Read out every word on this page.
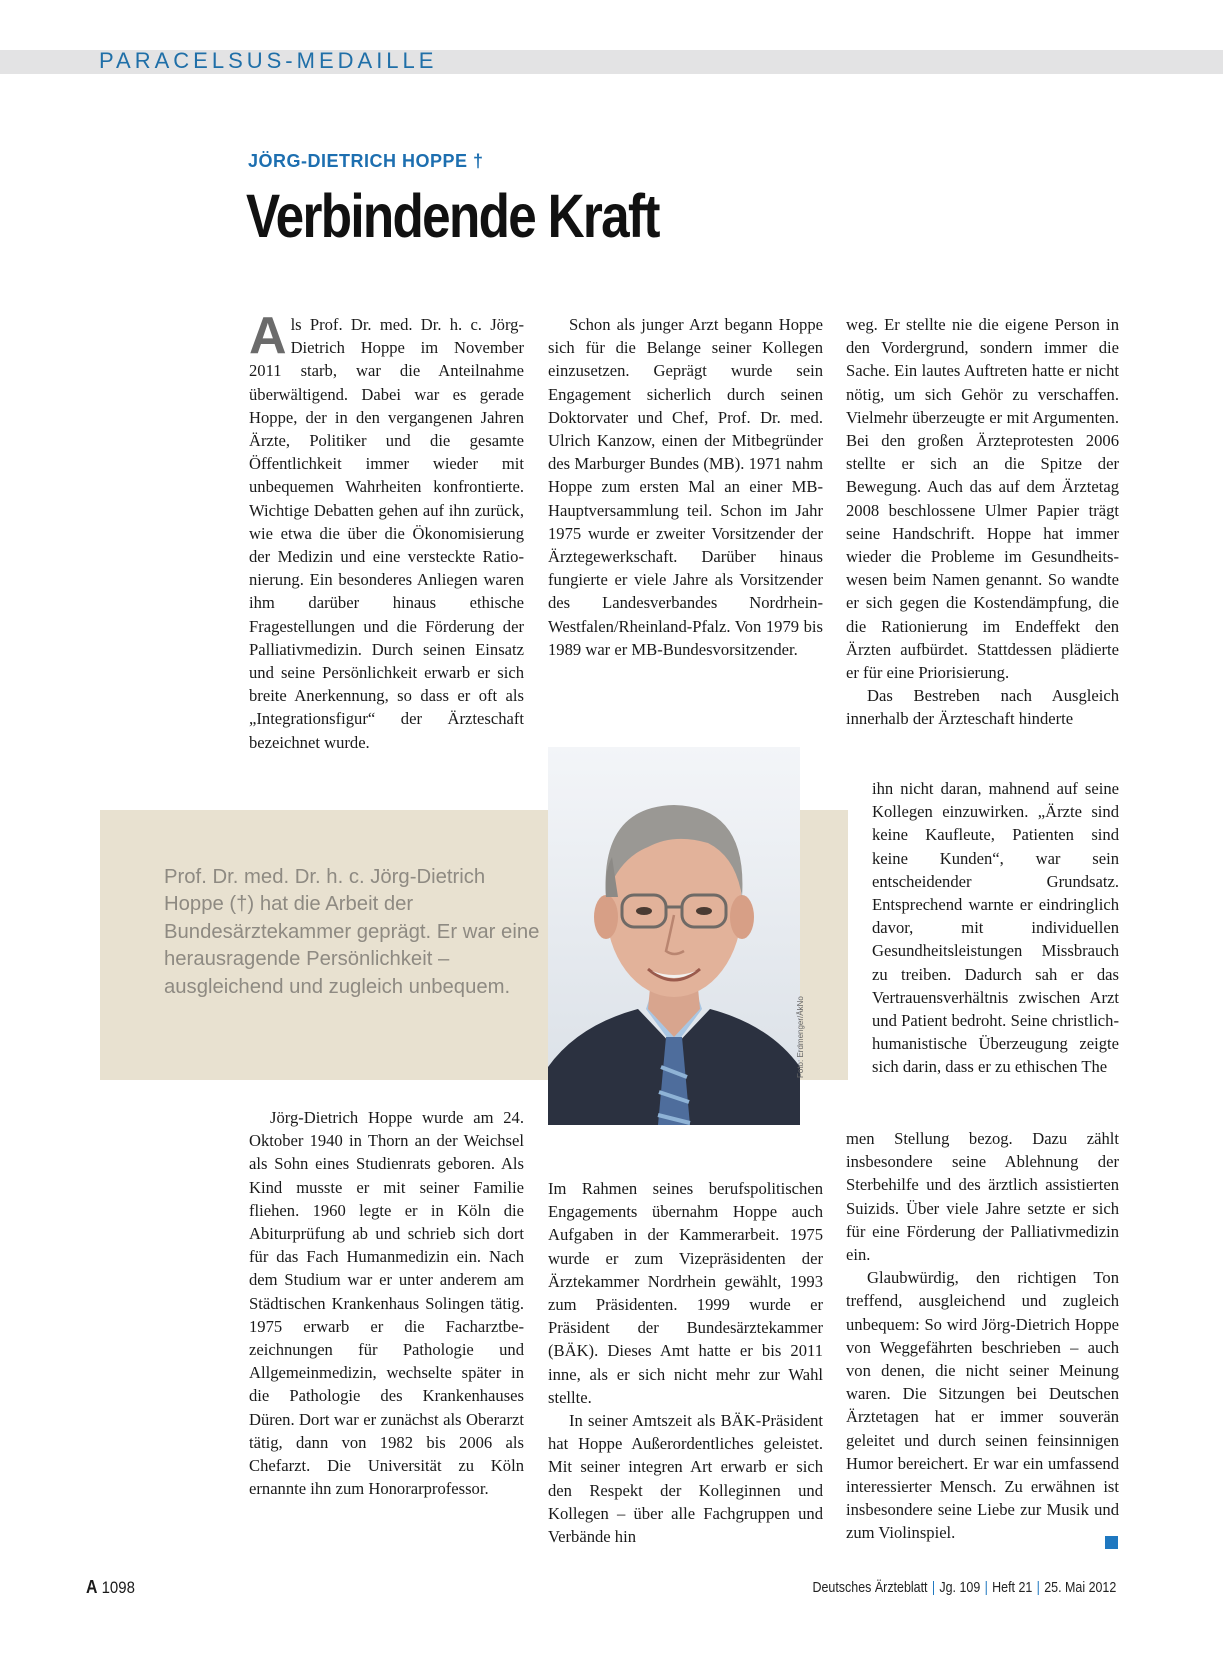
PARACELSUS-MEDAILLE
JÖRG-DIETRICH HOPPE †
Verbindende Kraft
Prof. Dr. med. Dr. h. c. Jörg-Dietrich Hoppe (†) hat die Arbeit der Bundesärztekammer geprägt. Er war eine herausragende Persönlichkeit – ausgleichend und zugleich unbequem.

Als Prof. Dr. med. Dr. h. c. Jörg-Dietrich Hoppe im November 2011 starb, war die Anteilnahme überwältigend. Dabei war es gerade Hoppe, der in den vergangenen Jahren Ärzte, Politiker und die gesamte Öffentlichkeit immer wieder mit unbequemen Wahrheiten konfrontierte. Wichtige Debatten gehen auf ihn zurück, wie etwa die über die Ökonomisierung der Medizin und eine versteckte Rationierung. Ein besonderes Anliegen waren ihm darüber hinaus ethische Fragestellungen und die Förderung der Palliativmedizin. Durch seinen Einsatz und seine Persönlichkeit erwarb er sich breite Anerkennung, so dass er oft als „Integrationsfigur“ der Ärzteschaft bezeichnet wurde.

Jörg-Dietrich Hoppe wurde am 24. Oktober 1940 in Thorn an der Weichsel als Sohn eines Studienrats geboren. Als Kind musste er mit seiner Familie fliehen. 1960 legte er in Köln die Abiturprüfung ab und schrieb sich dort für das Fach Humanmedizin ein. Nach dem Studium war er unter anderem am Städtischen Krankenhaus Solingen tätig. 1975 erwarb er die Facharztbezeichnungen für Pathologie und Allgemeinmedizin, wechselte später in die Pathologie des Krankenhauses Düren. Dort war er zunächst als Oberarzt tätig, dann von 1982 bis 2006 als Chefarzt. Die Universität zu Köln ernannte ihn zum Honorarprofessor.

Schon als junger Arzt begann Hoppe sich für die Belange seiner Kollegen einzusetzen. Geprägt wurde sein Engagement sicherlich durch seinen Doktorvater und Chef, Prof. Dr. med. Ulrich Kanzow, einen der Mitbegründer des Marburger Bundes (MB). 1971 nahm Hoppe zum ersten Mal an einer MB-Hauptversammlung teil. Schon im Jahr 1975 wurde er zweiter Vorsitzender der Ärztegewerkschaft. Darüber hinaus fungierte er viele Jahre als Vorsitzender des Landesverbandes Nordrhein-Westfalen/Rheinland-Pfalz. Von 1979 bis 1989 war er MB-Bundesvorsitzender.

Foto: Erdmenger/ÄkNo

Im Rahmen seines berufspolitischen Engagements übernahm Hoppe auch Aufgaben in der Kammerarbeit. 1975 wurde er zum Vizepräsidenten der Ärztekammer Nordrhein gewählt, 1993 zum Präsidenten. 1999 wurde er Präsident der Bundesärztekammer (BÄK). Dieses Amt hatte er bis 2011 inne, als er sich nicht mehr zur Wahl stellte.

In seiner Amtszeit als BÄK-Präsident hat Hoppe Außerordentliches geleistet. Mit seiner integren Art erwarb er sich den Respekt der Kolleginnen und Kollegen – über alle Fachgruppen und Verbände hin

weg. Er stellte nie die eigene Person in den Vordergrund, sondern immer die Sache. Ein lautes Auftreten hatte er nicht nötig, um sich Gehör zu verschaffen. Vielmehr überzeugte er mit Argumenten. Bei den großen Ärzteprotesten 2006 stellte er sich an die Spitze der Bewegung. Auch das auf dem Ärztetag 2008 beschlossene Ulmer Papier trägt seine Handschrift. Hoppe hat immer wieder die Probleme im Gesundheitswesen beim Namen genannt. So wandte er sich gegen die Kostendämpfung, die die Rationierung im Endeffekt den Ärzten aufbürdet. Stattdessen plädierte er für eine Priorisierung.

Das Bestreben nach Ausgleich innerhalb der Ärzteschaft hinderte

ihn nicht daran, mahnend auf seine Kollegen einzuwirken. „Ärzte sind keine Kaufleute, Patienten sind keine Kunden“, war sein entscheidender Grundsatz. Entsprechend warnte er eindringlich davor, mit individuellen Gesundheitsleistungen Missbrauch zu treiben. Dadurch sah er das Vertrauensverhältnis zwischen Arzt und Patient bedroht. Seine christlich-humanistische Überzeugung zeigte sich darin, dass er zu ethischen The

men Stellung bezog. Dazu zählt insbesondere seine Ablehnung der Sterbehilfe und des ärztlich assistierten Suizids. Über viele Jahre setzte er sich für eine Förderung der Palliativmedizin ein.

Glaubwürdig, den richtigen Ton treffend, ausgleichend und zugleich unbequem: So wird Jörg-Dietrich Hoppe von Weggefährten beschrieben – auch von denen, die nicht seiner Meinung waren. Die Sitzungen bei Deutschen Ärztetagen hat er immer souverän geleitet und durch seinen feinsinnigen Humor bereichert. Er war ein umfassend interessierter Mensch. Zu erwähnen ist insbesondere seine Liebe zur Musik und zum Violinspiel.

A 1098	Deutsches Ärzteblatt | Jg. 109 | Heft 21 | 25. Mai 2012
